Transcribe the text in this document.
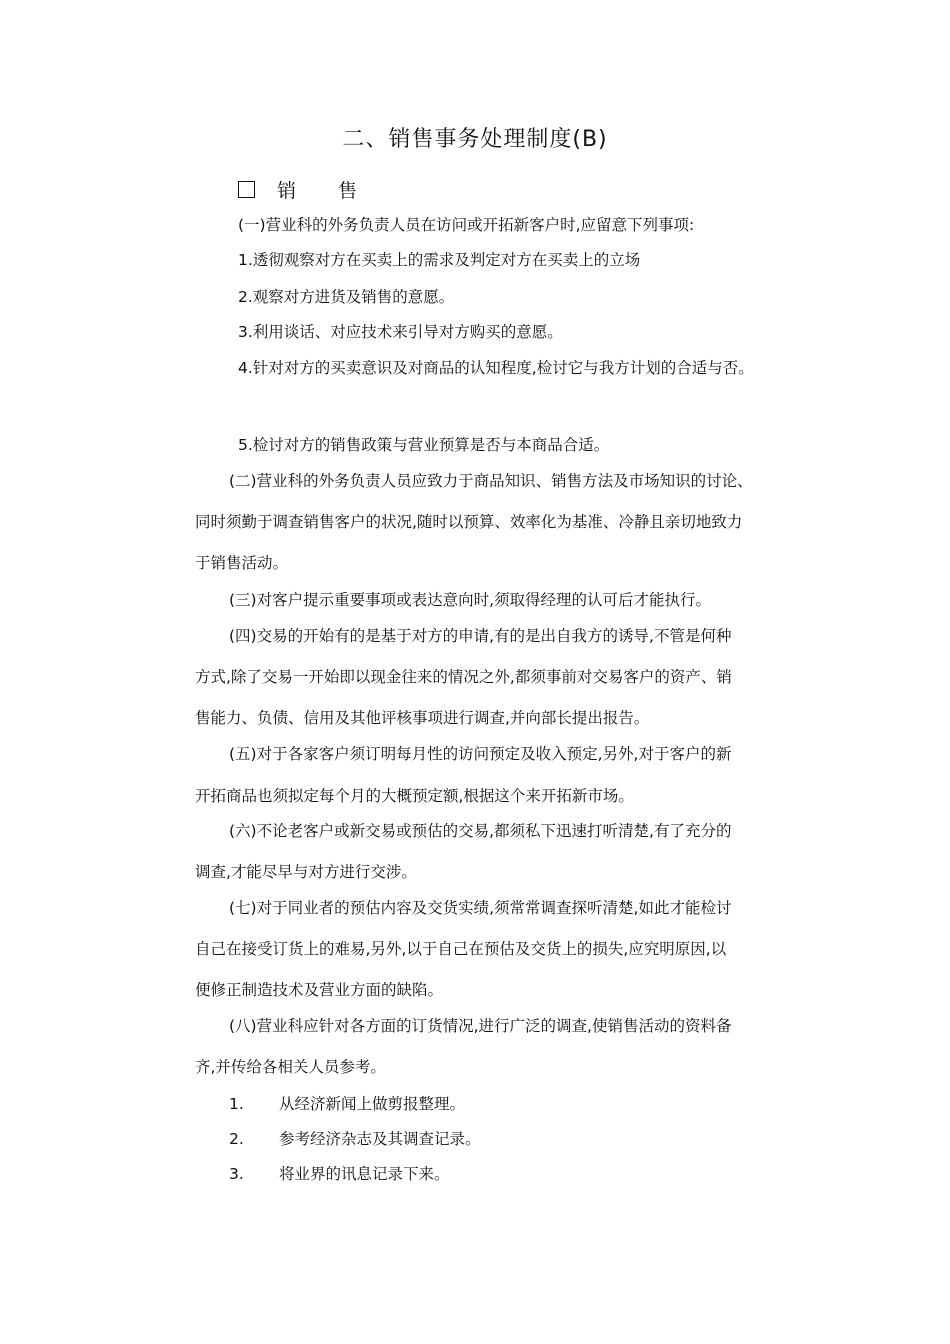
二、销售事务处理制度(B)
销 售
(一)营业科的外务负责人员在访问或开拓新客户时,应留意下列事项:
1.透彻观察对方在买卖上的需求及判定对方在买卖上的立场
2.观察对方进货及销售的意愿。
3.利用谈话、对应技术来引导对方购买的意愿。
4.针对对方的买卖意识及对商品的认知程度,检讨它与我方计划的合适与否。
5.检讨对方的销售政策与营业预算是否与本商品合适。
(二)营业科的外务负责人员应致力于商品知识、销售方法及市场知识的讨论、
同时须勤于调查销售客户的状况,随时以预算、效率化为基准、冷静且亲切地致力
于销售活动。
(三)对客户提示重要事项或表达意向时,须取得经理的认可后才能执行。
(四)交易的开始有的是基于对方的申请,有的是出自我方的诱导,不管是何种
方式,除了交易一开始即以现金往来的情况之外,都须事前对交易客户的资产、销
售能力、负债、信用及其他评核事项进行调查,并向部长提出报告。
(五)对于各家客户须订明每月性的访问预定及收入预定,另外,对于客户的新
开拓商品也须拟定每个月的大概预定额,根据这个来开拓新市场。
(六)不论老客户或新交易或预估的交易,都须私下迅速打听清楚,有了充分的
调查,才能尽早与对方进行交涉。
(七)对于同业者的预估内容及交货实绩,须常常调查探听清楚,如此才能检讨
自己在接受订货上的难易,另外,以于自己在预估及交货上的损失,应究明原因,以
便修正制造技术及营业方面的缺陷。
(八)营业科应针对各方面的订货情况,进行广泛的调查,使销售活动的资料备
齐,并传给各相关人员参考。
1. 从经济新闻上做剪报整理。
2. 参考经济杂志及其调查记录。
3. 将业界的讯息记录下来。
